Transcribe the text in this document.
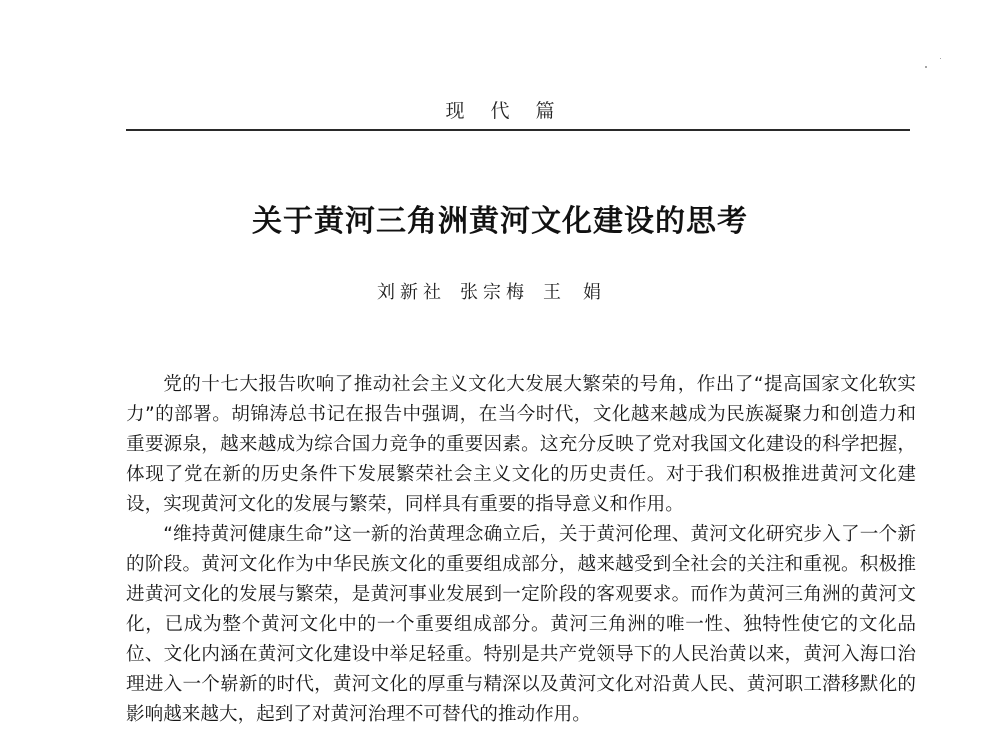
现代篇
关于黄河三角洲黄河文化建设的思考
刘新社 张宗梅 王娟

党的十七大报告吹响了推动社会主义文化大发展大繁荣的号角，作出了“提高国家文化软实力”的部署。胡锦涛总书记在报告中强调，在当今时代，文化越来越成为民族凝聚力和创造力和重要源泉，越来越成为综合国力竞争的重要因素。这充分反映了党对我国文化建设的科学把握，体现了党在新的历史条件下发展繁荣社会主义文化的历史责任。对于我们积极推进黄河文化建设，实现黄河文化的发展与繁荣，同样具有重要的指导意义和作用。

“维持黄河健康生命”这一新的治黄理念确立后，关于黄河伦理、黄河文化研究步入了一个新的阶段。黄河文化作为中华民族文化的重要组成部分，越来越受到全社会的关注和重视。积极推进黄河文化的发展与繁荣，是黄河事业发展到一定阶段的客观要求。而作为黄河三角洲的黄河文化，已成为整个黄河文化中的一个重要组成部分。黄河三角洲的唯一性、独特性使它的文化品位、文化内涵在黄河文化建设中举足轻重。特别是共产党领导下的人民治黄以来，黄河入海口治理进入一个崭新的时代，黄河文化的厚重与精深以及黄河文化对沿黄人民、黄河职工潜移默化的影响越来越大，起到了对黄河治理不可替代的推动作用。
